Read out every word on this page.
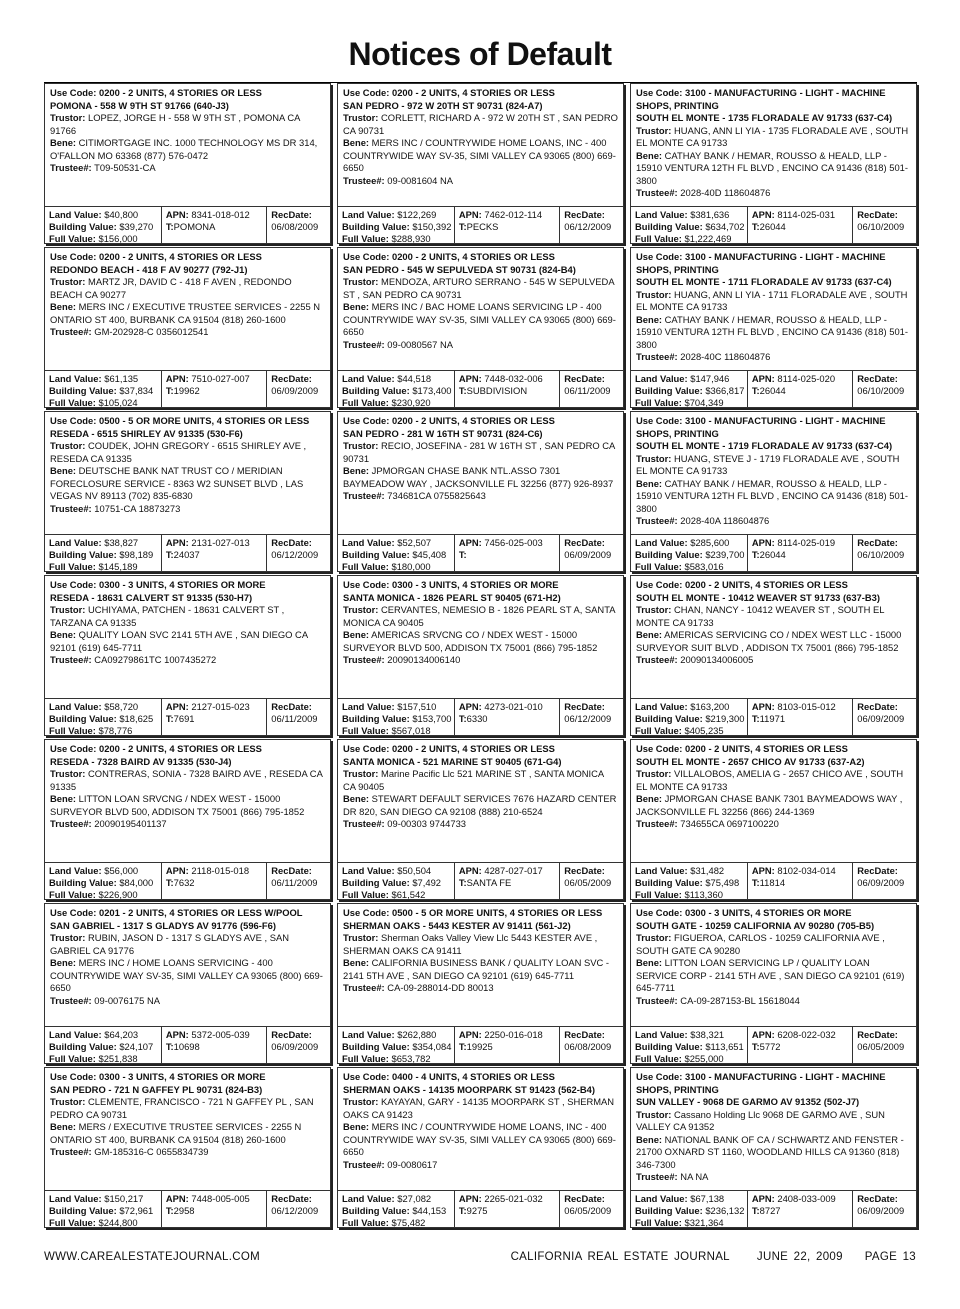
Notices of Default
Use Code: 0200 - 2 UNITS, 4 STORIES OR LESS
POMONA - 558 W 9TH ST 91766 (640-J3)
Trustor: LOPEZ, JORGE H - 558 W 9TH ST , POMONA CA 91766
Bene: CITIMORTGAGE INC. 1000 TECHNOLOGY MS DR 314, O'FALLON MO 63368 (877) 576-0472
Trustee#: T09-50531-CA
Land Value: $40,800
Building Value: $39,270
Full Value: $156,000
APN: 8341-018-012
T:POMONA
RecDate:
06/08/2009
Use Code: 0200 - 2 UNITS, 4 STORIES OR LESS
SAN PEDRO - 972 W 20TH ST 90731 (824-A7)
Trustor: CORLETT, RICHARD A - 972 W 20TH ST , SAN PEDRO CA 90731
Bene: MERS INC / COUNTRYWIDE HOME LOANS, INC - 400 COUNTRYWIDE WAY SV-35, SIMI VALLEY CA 93065 (800) 669-6650
Trustee#: 09-0081604 NA
Land Value: $122,269
Building Value: $150,392
Full Value: $288,930
APN: 7462-012-114
T:PECKS
RecDate:
06/12/2009
Use Code: 3100 - MANUFACTURING - LIGHT - MACHINE SHOPS, PRINTING
SOUTH EL MONTE - 1735 FLORADALE AV 91733 (637-C4)
Trustor: HUANG, ANN LI YIA - 1735 FLORADALE AVE , SOUTH EL MONTE CA 91733
Bene: CATHAY BANK / HEMAR, ROUSSO & HEALD, LLP - 15910 VENTURA 12TH FL BLVD , ENCINO CA 91436 (818) 501-3800
Trustee#: 2028-40D 118604876
Land Value: $381,636
Building Value: $634,702
Full Value: $1,222,469
APN: 8114-025-031
T:26044
RecDate:
06/10/2009
Use Code: 0200 - 2 UNITS, 4 STORIES OR LESS
REDONDO BEACH - 418 F AV 90277 (792-J1)
Trustor: MARTZ JR, DAVID C - 418 F AVEN , REDONDO BEACH CA 90277
Bene: MERS INC / EXECUTIVE TRUSTEE SERVICES - 2255 N ONTARIO ST 400, BURBANK CA 91504 (818) 260-1600
Trustee#: GM-202928-C 0356012541
Land Value: $61,135
Building Value: $37,834
Full Value: $105,024
APN: 7510-027-007
T:19962
RecDate:
06/09/2009
Use Code: 0200 - 2 UNITS, 4 STORIES OR LESS
SAN PEDRO - 545 W SEPULVEDA ST 90731 (824-B4)
Trustor: MENDOZA, ARTURO SERRANO - 545 W SEPULVEDA ST , SAN PEDRO CA 90731
Bene: MERS INC / BAC HOME LOANS SERVICING LP - 400 COUNTRYWIDE WAY SV-35, SIMI VALLEY CA 93065 (800) 669-6650
Trustee#: 09-0080567 NA
Land Value: $44,518
Building Value: $173,400
Full Value: $230,920
APN: 7448-032-006
T:SUBDIVISION
RecDate:
06/11/2009
Use Code: 3100 - MANUFACTURING - LIGHT - MACHINE SHOPS, PRINTING
SOUTH EL MONTE - 1711 FLORADALE AV 91733 (637-C4)
Trustor: HUANG, ANN LI YIA - 1711 FLORADALE AVE , SOUTH EL MONTE CA 91733
Bene: CATHAY BANK / HEMAR, ROUSSO & HEALD, LLP - 15910 VENTURA 12TH FL BLVD , ENCINO CA 91436 (818) 501-3800
Trustee#: 2028-40C 118604876
Land Value: $147,946
Building Value: $366,817
Full Value: $704,349
APN: 8114-025-020
T:26044
RecDate:
06/10/2009
Use Code: 0500 - 5 OR MORE UNITS, 4 STORIES OR LESS
RESEDA - 6515 SHIRLEY AV 91335 (530-F6)
Trustor: COUDEK, JOHN GREGORY - 6515 SHIRLEY AVE , RESEDA CA 91335
Bene: DEUTSCHE BANK NAT TRUST CO / MERIDIAN FORECLOSURE SERVICE - 8363 W2 SUNSET BLVD , LAS VEGAS NV 89113 (702) 835-6830
Trustee#: 10751-CA 18873273
Land Value: $38,827
Building Value: $98,189
Full Value: $145,189
APN: 2131-027-013
T:24037
RecDate:
06/12/2009
Use Code: 0200 - 2 UNITS, 4 STORIES OR LESS
SAN PEDRO - 281 W 16TH ST 90731 (824-C6)
Trustor: RECIO, JOSEFINA - 281 W 16TH ST , SAN PEDRO CA 90731
Bene: JPMORGAN CHASE BANK NTL.ASSO 7301 BAYMEADOW WAY , JACKSONVILLE FL 32256 (877) 926-8937
Trustee#: 734681CA 0755825643
Land Value: $52,507
Building Value: $45,408
Full Value: $180,000
APN: 7456-025-003
T:
RecDate:
06/09/2009
Use Code: 3100 - MANUFACTURING - LIGHT - MACHINE SHOPS, PRINTING
SOUTH EL MONTE - 1719 FLORADALE AV 91733 (637-C4)
Trustor: HUANG, STEVE J - 1719 FLORADALE AVE , SOUTH EL MONTE CA 91733
Bene: CATHAY BANK / HEMAR, ROUSSO & HEALD, LLP - 15910 VENTURA 12TH FL BLVD , ENCINO CA 91436 (818) 501-3800
Trustee#: 2028-40A 118604876
Land Value: $285,600
Building Value: $239,700
Full Value: $583,016
APN: 8114-025-019
T:26044
RecDate:
06/10/2009
Use Code: 0300 - 3 UNITS, 4 STORIES OR MORE
RESEDA - 18631 CALVERT ST 91335 (530-H7)
Trustor: UCHIYAMA, PATCHEN - 18631 CALVERT ST , TARZANA CA 91335
Bene: QUALITY LOAN SVC 2141 5TH AVE , SAN DIEGO CA 92101 (619) 645-7711
Trustee#: CA09279861TC 1007435272
Land Value: $58,720
Building Value: $18,625
Full Value: $78,776
APN: 2127-015-023
T:7691
RecDate:
06/11/2009
Use Code: 0300 - 3 UNITS, 4 STORIES OR MORE
SANTA MONICA - 1826 PEARL ST 90405 (671-H2)
Trustor: CERVANTES, NEMESIO B - 1826 PEARL ST A, SANTA MONICA CA 90405
Bene: AMERICAS SRVCNG CO / NDEX WEST - 15000 SURVEYOR BLVD 500, ADDISON TX 75001 (866) 795-1852
Trustee#: 20090134006140
Land Value: $157,510
Building Value: $153,700
Full Value: $567,018
APN: 4273-021-010
T:6330
RecDate:
06/12/2009
Use Code: 0200 - 2 UNITS, 4 STORIES OR LESS
SOUTH EL MONTE - 10412 WEAVER ST 91733 (637-B3)
Trustor: CHAN, NANCY - 10412 WEAVER ST , SOUTH EL MONTE CA 91733
Bene: AMERICAS SERVICING CO / NDEX WEST LLC - 15000 SURVEYOR SUIT BLVD , ADDISON TX 75001 (866) 795-1852
Trustee#: 20090134006005
Land Value: $163,200
Building Value: $219,300
Full Value: $405,235
APN: 8103-015-012
T:11971
RecDate:
06/09/2009
Use Code: 0200 - 2 UNITS, 4 STORIES OR LESS
RESEDA - 7328 BAIRD AV 91335 (530-J4)
Trustor: CONTRERAS, SONIA - 7328 BAIRD AVE , RESEDA CA 91335
Bene: LITTON LOAN SRVCNG / NDEX WEST - 15000 SURVEYOR BLVD 500, ADDISON TX 75001 (866) 795-1852
Trustee#: 20090195401137
Land Value: $56,000
Building Value: $84,000
Full Value: $226,900
APN: 2118-015-018
T:7632
RecDate:
06/11/2009
Use Code: 0200 - 2 UNITS, 4 STORIES OR LESS
SANTA MONICA - 521 MARINE ST 90405 (671-G4)
Trustor: Marine Pacific Llc 521 MARINE ST , SANTA MONICA CA 90405
Bene: STEWART DEFAULT SERVICES 7676 HAZARD CENTER DR 820, SAN DIEGO CA 92108 (888) 210-6524
Trustee#: 09-00303 9744733
Land Value: $50,504
Building Value: $7,492
Full Value: $61,542
APN: 4287-027-017
T:SANTA FE
RecDate:
06/05/2009
Use Code: 0200 - 2 UNITS, 4 STORIES OR LESS
SOUTH EL MONTE - 2657 CHICO AV 91733 (637-A2)
Trustor: VILLALOBOS, AMELIA G - 2657 CHICO AVE , SOUTH EL MONTE CA 91733
Bene: JPMORGAN CHASE BANK 7301 BAYMEADOWS WAY , JACKSONVILLE FL 32256 (866) 244-1369
Trustee#: 734655CA 0697100220
Land Value: $31,482
Building Value: $75,498
Full Value: $113,360
APN: 8102-034-014
T:11814
RecDate:
06/09/2009
Use Code: 0201 - 2 UNITS, 4 STORIES OR LESS W/POOL
SAN GABRIEL - 1317 S GLADYS AV 91776 (596-F6)
Trustor: RUBIN, JASON D - 1317 S GLADYS AVE , SAN GABRIEL CA 91776
Bene: MERS INC / HOME LOANS SERVICING - 400 COUNTRYWIDE WAY SV-35, SIMI VALLEY CA 93065 (800) 669-6650
Trustee#: 09-0076175 NA
Land Value: $64,203
Building Value: $24,107
Full Value: $251,838
APN: 5372-005-039
T:10698
RecDate:
06/09/2009
Use Code: 0500 - 5 OR MORE UNITS, 4 STORIES OR LESS
SHERMAN OAKS - 5443 KESTER AV 91411 (561-J2)
Trustor: Sherman Oaks Valley View Llc 5443 KESTER AVE , SHERMAN OAKS CA 91411
Bene: CALIFORNIA BUSINESS BANK / QUALITY LOAN SVC - 2141 5TH AVE , SAN DIEGO CA 92101 (619) 645-7711
Trustee#: CA-09-288014-DD 80013
Land Value: $262,880
Building Value: $354,084
Full Value: $653,782
APN: 2250-016-018
T:19925
RecDate:
06/08/2009
Use Code: 0300 - 3 UNITS, 4 STORIES OR MORE
SOUTH GATE - 10259 CALIFORNIA AV 90280 (705-B5)
Trustor: FIGUEROA, CARLOS - 10259 CALIFORNIA AVE , SOUTH GATE CA 90280
Bene: LITTON LOAN SERVICING LP / QUALITY LOAN SERVICE CORP - 2141 5TH AVE , SAN DIEGO CA 92101 (619) 645-7711
Trustee#: CA-09-287153-BL 15618044
Land Value: $38,321
Building Value: $113,651
Full Value: $255,000
APN: 6208-022-032
T:5772
RecDate:
06/05/2009
Use Code: 0300 - 3 UNITS, 4 STORIES OR MORE
SAN PEDRO - 721 N GAFFEY PL 90731 (824-B3)
Trustor: CLEMENTE, FRANCISCO - 721 N GAFFEY PL , SAN PEDRO CA 90731
Bene: MERS / EXECUTIVE TRUSTEE SERVICES - 2255 N ONTARIO ST 400, BURBANK CA 91504 (818) 260-1600
Trustee#: GM-185316-C 0655834739
Land Value: $150,217
Building Value: $72,961
Full Value: $244,800
APN: 7448-005-005
T:2958
RecDate:
06/12/2009
Use Code: 0400 - 4 UNITS, 4 STORIES OR LESS
SHERMAN OAKS - 14135 MOORPARK ST 91423 (562-B4)
Trustor: KAYAYAN, GARY - 14135 MOORPARK ST , SHERMAN OAKS CA 91423
Bene: MERS INC / COUNTRYWIDE HOME LOANS, INC - 400 COUNTRYWIDE WAY SV-35, SIMI VALLEY CA 93065 (800) 669-6650
Trustee#: 09-0080617
Land Value: $27,082
Building Value: $44,153
Full Value: $75,482
APN: 2265-021-032
T:9275
RecDate:
06/05/2009
Use Code: 3100 - MANUFACTURING - LIGHT - MACHINE SHOPS, PRINTING
SUN VALLEY - 9068 DE GARMO AV 91352 (502-J7)
Trustor: Cassano Holding Llc 9068 DE GARMO AVE , SUN VALLEY CA 91352
Bene: NATIONAL BANK OF CA / SCHWARTZ AND FENSTER - 21700 OXNARD ST 1160, WOODLAND HILLS CA 91360 (818) 346-7300
Trustee#: NA NA
Land Value: $67,138
Building Value: $236,132
Full Value: $321,364
APN: 2408-033-009
T:8727
RecDate:
06/09/2009
WWW.CAREALESTATEJOURNAL.COM	CALIFORNIA REAL ESTATE JOURNAL JUNE 22, 2009 PAGE 13
